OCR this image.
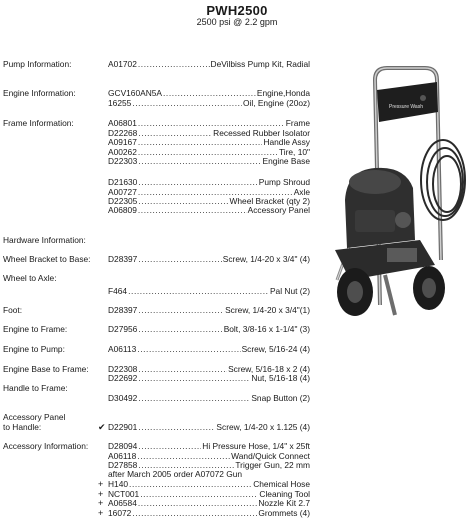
PWH2500
2500 psi @ 2.2 gpm
Pump Information:	A01702 .....	DeVilbiss Pump Kit, Radial
Engine Information:	GCV160AN5A .....	Engine,Honda
16255 .....	Oil, Engine (20oz)
Frame Information:	A06801 .....	Frame
D22268 .....	Recessed Rubber Isolator
A09167 .....	Handle Assy
A00262 .....	Tire, 10"
D22303 .....	Engine Base
D21630 .....	Pump Shroud
A00727 .....	Axle
D22305 .....	Wheel Bracket (qty 2)
A06809 .....	Accessory Panel
Hardware Information:
Wheel Bracket to Base: D28397 .....	Screw, 1/4-20 x 3/4" (4)
Wheel to Axle:
F464 .....	Pal Nut (2)
Foot:	D28397 .....	Screw, 1/4-20 x 3/4"(1)
Engine to Frame:	D27956 .....	Bolt, 3/8-16 x 1-1/4" (3)
Engine to Pump:	A06113 .....	Screw, 5/16-24 (4)
Engine Base to Frame: D22308 .....	Screw, 5/16-18 x 2 (4)
D22692 .....	Nut, 5/16-18 (4)
Handle to Frame:
D30492 .....	Snap Button (2)
Accessory Panel
to Handle:	✔ D22901 .....	Screw, 1/4-20 x 1.125 (4)
Accessory Information: D28094 .....	Hi Pressure Hose, 1/4" x 25ft
A06118 .....	Wand/Quick Connect
D27858 .....	Trigger Gun, 22 mm
after March 2005 order A07072 Gun
+ H140 .....	Chemical Hose
+ NCT001 .....	Cleaning Tool
+ A06584 .....	Nozzle Kit 2.7
+ 16072 .....	Grommets (4)
Pressure Wash
